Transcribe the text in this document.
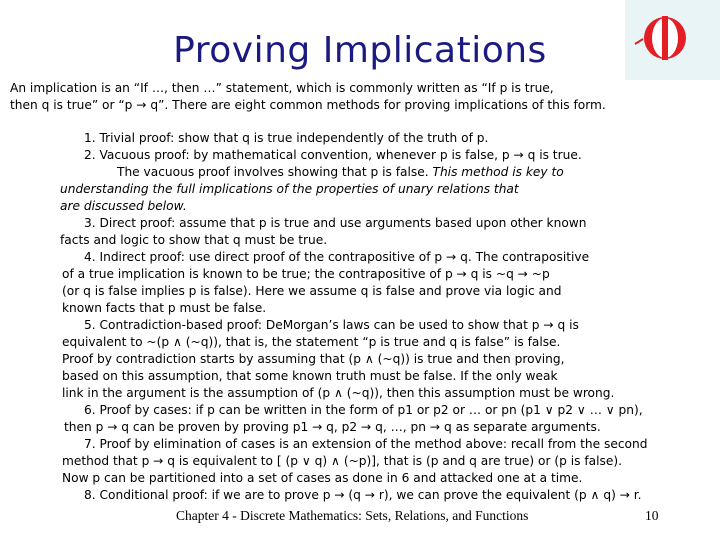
Proving Implications
An implication is an “If …, then …” statement, which is commonly written as “If p is true,
then q is true” or “p → q”. There are eight common methods for proving implications of this form.
1. Trivial proof: show that q is true independently of the truth of p.
2. Vacuous proof: by mathematical convention, whenever p is false, p → q is true.
The vacuous proof involves showing that p is false. This method is key to
understanding the full implications of the properties of unary relations that
are discussed below.
3. Direct proof: assume that p is true and use arguments based upon other known
facts and logic to show that q must be true.
4. Indirect proof: use direct proof of the contrapositive of p → q. The contrapositive
of a true implication is known to be true; the contrapositive of p → q is ~q → ~p
(or q is false implies p is false). Here we assume q is false and prove via logic and
known facts that p must be false.
5. Contradiction-based proof: DeMorgan’s laws can be used to show that p → q is
equivalent to ~(p ∧ (~q)), that is, the statement “p is true and q is false” is false.
Proof by contradiction starts by assuming that (p ∧ (~q)) is true and then proving,
based on this assumption, that some known truth must be false. If the only weak
link in the argument is the assumption of (p ∧ (~q)), then this assumption must be wrong.
6. Proof by cases: if p can be written in the form of p1 or p2 or … or pn (p1 ∨ p2 ∨ … ∨ pn),
then p → q can be proven by proving p1 → q, p2 → q, …, pn → q as separate arguments.
7. Proof by elimination of cases is an extension of the method above: recall from the second
method that p → q is equivalent to [ (p ∨ q) ∧ (~p)], that is (p and q are true) or (p is false).
Now p can be partitioned into a set of cases as done in 6 and attacked one at a time.
8. Conditional proof: if we are to prove p → (q → r), we can prove the equivalent (p ∧ q) → r.
Chapter 4 - Discrete Mathematics: Sets, Relations, and Functions	10
